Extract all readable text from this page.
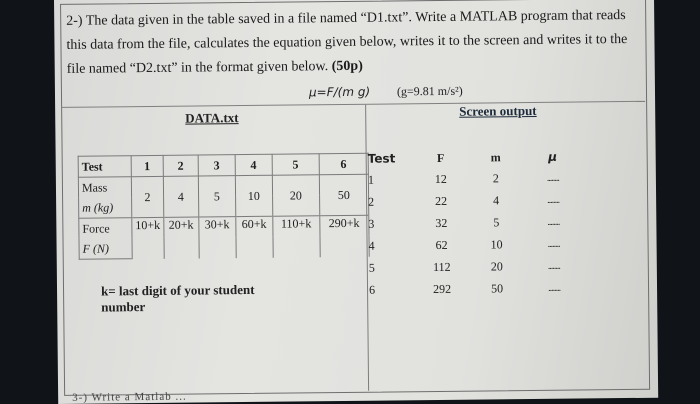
2-) The data given in the table saved in a file named “D1.txt”. Write a MATLAB program that reads this data from the file, calculates the equation given below, writes it to the screen and writes it to the file named “D2.txt” in the format given below. (50p)
μ=F/(m g) (g=9.81 m/s²)
DATA.txt	Screen output
Test	1	2	3	4	5	6
Mass	2	4	5	10	20	50
m (kg)						
Force	10+k	20+k	30+k	60+k	110+k	290+k
F (N)						
Test	F	m	μ
1	12	2	........
2	22	4	........
3	32	5	........
4	62	10	........
5	112	20	........
6	292	50	........
k= last digit of your student number
3-) Write a Matlab ...
